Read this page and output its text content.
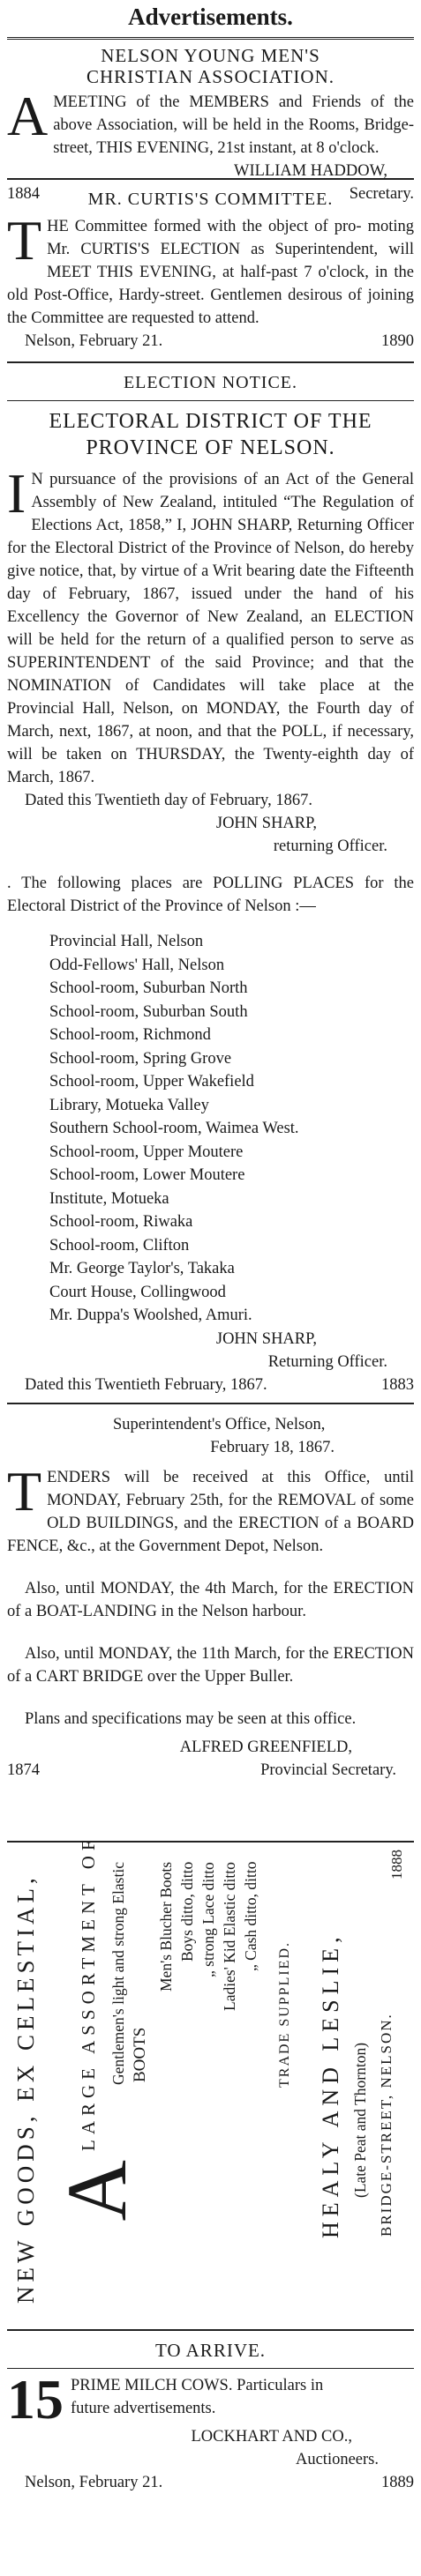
Advertisements.
NELSON YOUNG MEN'S
CHRISTIAN ASSOCIATION.
A MEETING of the MEMBERS and Friends of the above Association, will be held in the Rooms, Bridge-street, THIS EVENING, 21st instant, at 8 o'clock.
WILLIAM HADDOW,
1884	Secretary.
MR. CURTIS'S COMMITTEE.
T HE Committee formed with the object of pro- moting Mr. CURTIS'S ELECTION as Superintendent, will MEET THIS EVENING, at half-past 7 o'clock, in the old Post-Office, Hardy-street. Gentlemen desirous of joining the Committee are requested to attend.
Nelson, February 21.	1890
ELECTION NOTICE.
ELECTORAL DISTRICT OF THE
PROVINCE OF NELSON.
I N pursuance of the provisions of an Act of the General Assembly of New Zealand, intituled “The Regulation of Elections Act, 1858,” I, JOHN SHARP, Returning Officer for the Electoral District of the Province of Nelson, do hereby give notice, that, by virtue of a Writ bearing date the Fifteenth day of February, 1867, issued under the hand of his Excellency the Governor of New Zealand, an ELECTION will be held for the return of a qualified person to serve as SUPERINTENDENT of the said Province; and that the NOMINATION of Candidates will take place at the Provincial Hall, Nelson, on MONDAY, the Fourth day of March, next, 1867, at noon, and that the POLL, if necessary, will be taken on THURSDAY, the Twenty-eighth day of March, 1867.
Dated this Twentieth day of February, 1867.
JOHN SHARP,
returning Officer.
. The following places are POLLING PLACES for the Electoral District of the Province of Nelson :—
Provincial Hall, Nelson
Odd-Fellows' Hall, Nelson
School-room, Suburban North
School-room, Suburban South
School-room, Richmond
School-room, Spring Grove
School-room, Upper Wakefield
Library, Motueka Valley
Southern School-room, Waimea West.
School-room, Upper Moutere
School-room, Lower Moutere
Institute, Motueka
School-room, Riwaka
School-room, Clifton
Mr. George Taylor's, Takaka
Court House, Collingwood
Mr. Duppa's Woolshed, Amuri.
JOHN SHARP,
Returning Officer.
Dated this Twentieth February, 1867.	1883
Superintendent's Office, Nelson,
February 18, 1867.
T ENDERS will be received at this Office, until MONDAY, February 25th, for the REMOVAL of some OLD BUILDINGS, and the ERECTION of a BOARD FENCE, &c., at the Government Depot, Nelson.
Also, until MONDAY, the 4th March, for the ERECTION of a BOAT-LANDING in the Nelson harbour.
Also, until MONDAY, the 11th March, for the ERECTION of a CART BRIDGE over the Upper Buller.
Plans and specifications may be seen at this office.
ALFRED GREENFIELD,
1874	Provincial Secretary.
NEW GOODS, EX CELESTIAL, A
LARGE ASSORTMENT OF Gentlemen's light and strong Elastic BOOTS
Men's Blucher Boots Boys ditto, ditto „ strong Lace ditto Ladies' Kid Elastic ditto „ Cash ditto, ditto
TRADE SUPPLIED. HEALY AND LESLIE, (Late Peat and Thornton) BRIDGE-STREET, NELSON.
1888
TO ARRIVE.
15 PRIME MILCH COWS. Particulars in
future advertisements.
LOCKHART AND CO.,
Auctioneers.
Nelson, February 21.	1889
